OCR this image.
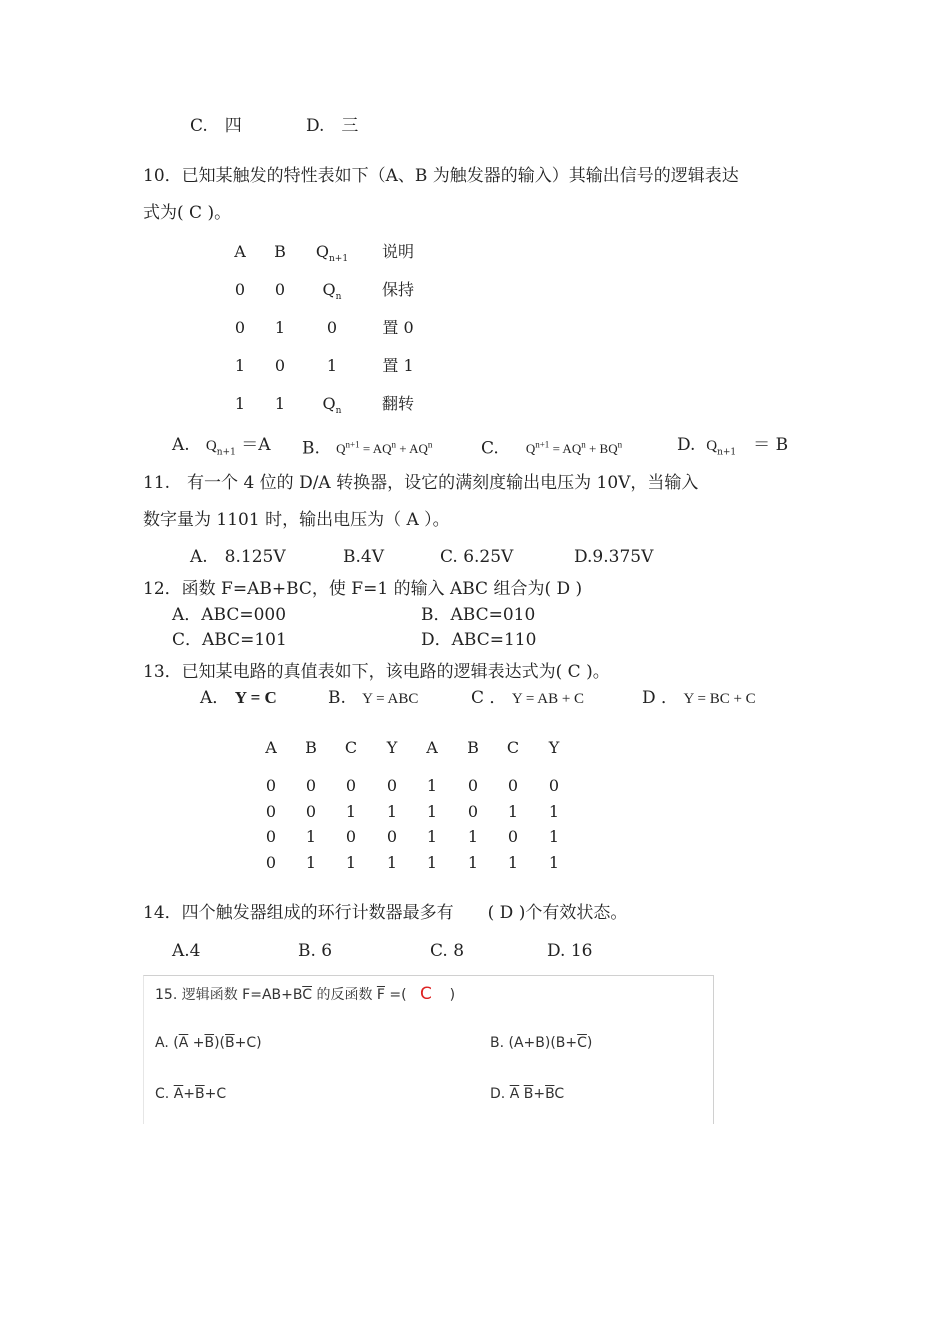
C.　四	D.　三
10．已知某触发的特性表如下（A、B 为触发器的输入）其输出信号的逻辑表达
式为( C )。
A B $Q_{n+1}$ 说明
0	0	$Q_n$	保持
0	1	0	置 0
1	0	1	置 1
1	1	$Q_n$	翻转
A. $Q_{n+1} =A$ B. $Q^{n+1} = AQ^n + AQ^n$	C. $Q^{n+1} = AQ^n + BQ^n$	D. $Q_{n+1}$　＝ B
11.　有一个 4 位的 D/A 转换器，设它的满刻度输出电压为 10V，当输入
数字量为 1101 时，输出电压为（ A ）。
A.　8.125V	B.4V	C. 6.25V	D.9.375V
12．函数 F=AB+BC，使 F=1 的输入 ABC 组合为( D )
A．ABC=000	B．ABC=010
C．ABC=101	D．ABC=110
13．已知某电路的真值表如下，该电路的逻辑表达式为( C )。
A． Y = C	B. Y = ABC	C ． Y = AB + C	D ． Y = BC + C
A B C Y A B C Y
0	0	0	0	1	0	0	0
0	0	1	1	1	0	1	1
0	1	0	0	1	1	0	1
0	1	1	1	1	1	1	1
14．四个触发器组成的环行计数器最多有　　( D )个有效状态。
A.4	B. 6	C. 8	D. 16
15. 逻辑函数 $F=AB+B\overline{C}$ 的反函数 $\overline{F}$ =( C )
A. $(\overline{A} +\overline{B})(\overline{B}+C)$	B. $(A+B)(B+\overline{C})$
C. $\overline{A}+\overline{B}+C$	D. $\overline{A}$ $\overline{B}+\overline{B}C$
